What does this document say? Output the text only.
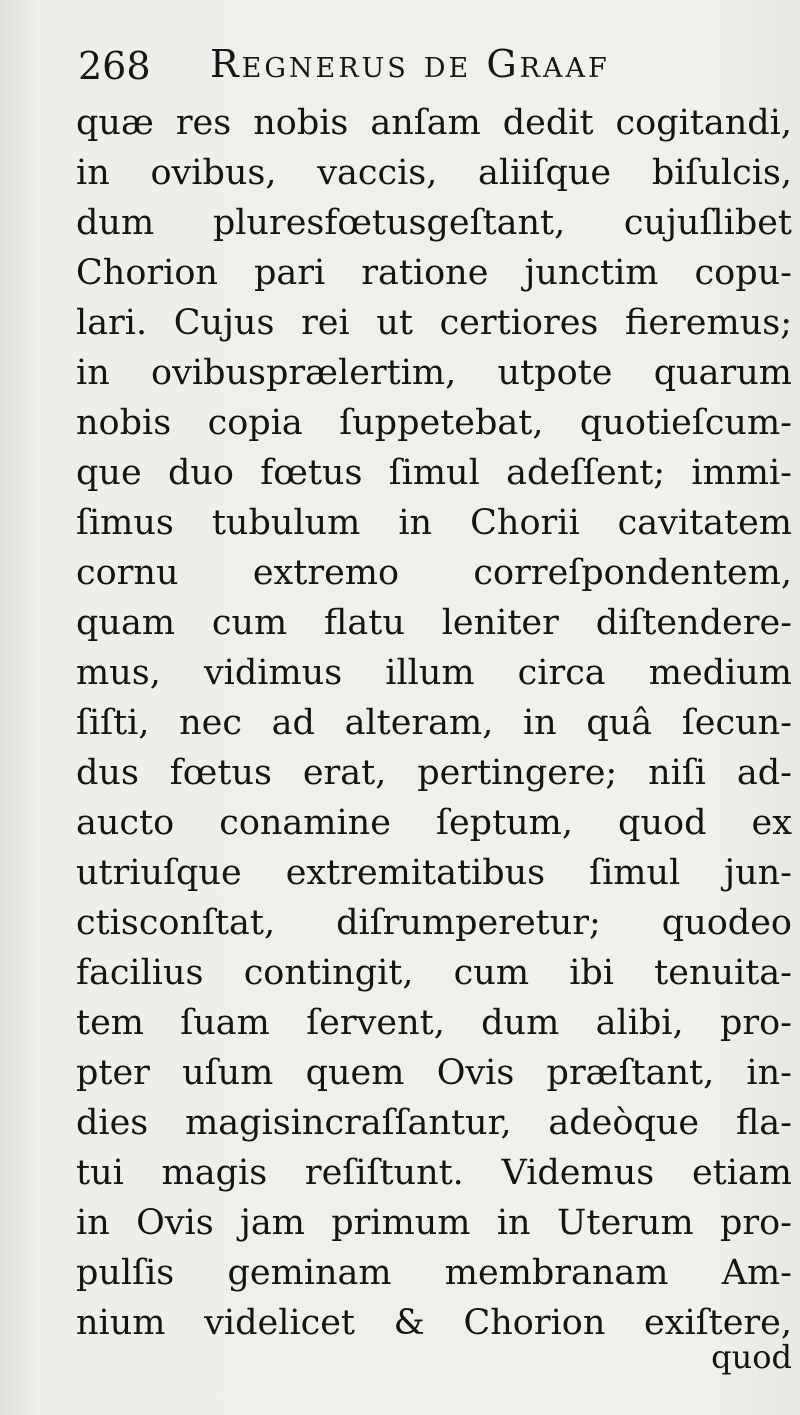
268 Regnerus de Graaf
quæ res nobis anſam dedit cogitandi,
in ovibus, vaccis, aliiſque biſulcis,
dum pluresfœtusgeſtant, cujuſlibet
Chorion pari ratione junctim copu-
lari. Cujus rei ut certiores fieremus;
in ovibusprælertim, utpote quarum
nobis copia ſuppetebat, quotieſcum-
que duo fœtus ſimul adeſſent; immi-
ſimus tubulum in Chorii cavitatem
cornu extremo correſpondentem,
quam cum flatu leniter diſtendere-
mus, vidimus illum circa medium
ſiſti, nec ad alteram, in quâ ſecun-
dus fœtus erat, pertingere; niſi ad-
aucto conamine ſeptum, quod ex
utriuſque extremitatibus ſimul jun-
ctisconſtat, diſrumperetur; quodeo
facilius contingit, cum ibi tenuita-
tem ſuam ſervent, dum alibi, pro-
pter uſum quem Ovis præſtant, in-
dies magisincraſſantur, adeòque fla-
tui magis reſiſtunt. Videmus etiam
in Ovis jam primum in Uterum pro-
pulſis geminam membranam Am-
nium videlicet & Chorion exiſtere,
quod
